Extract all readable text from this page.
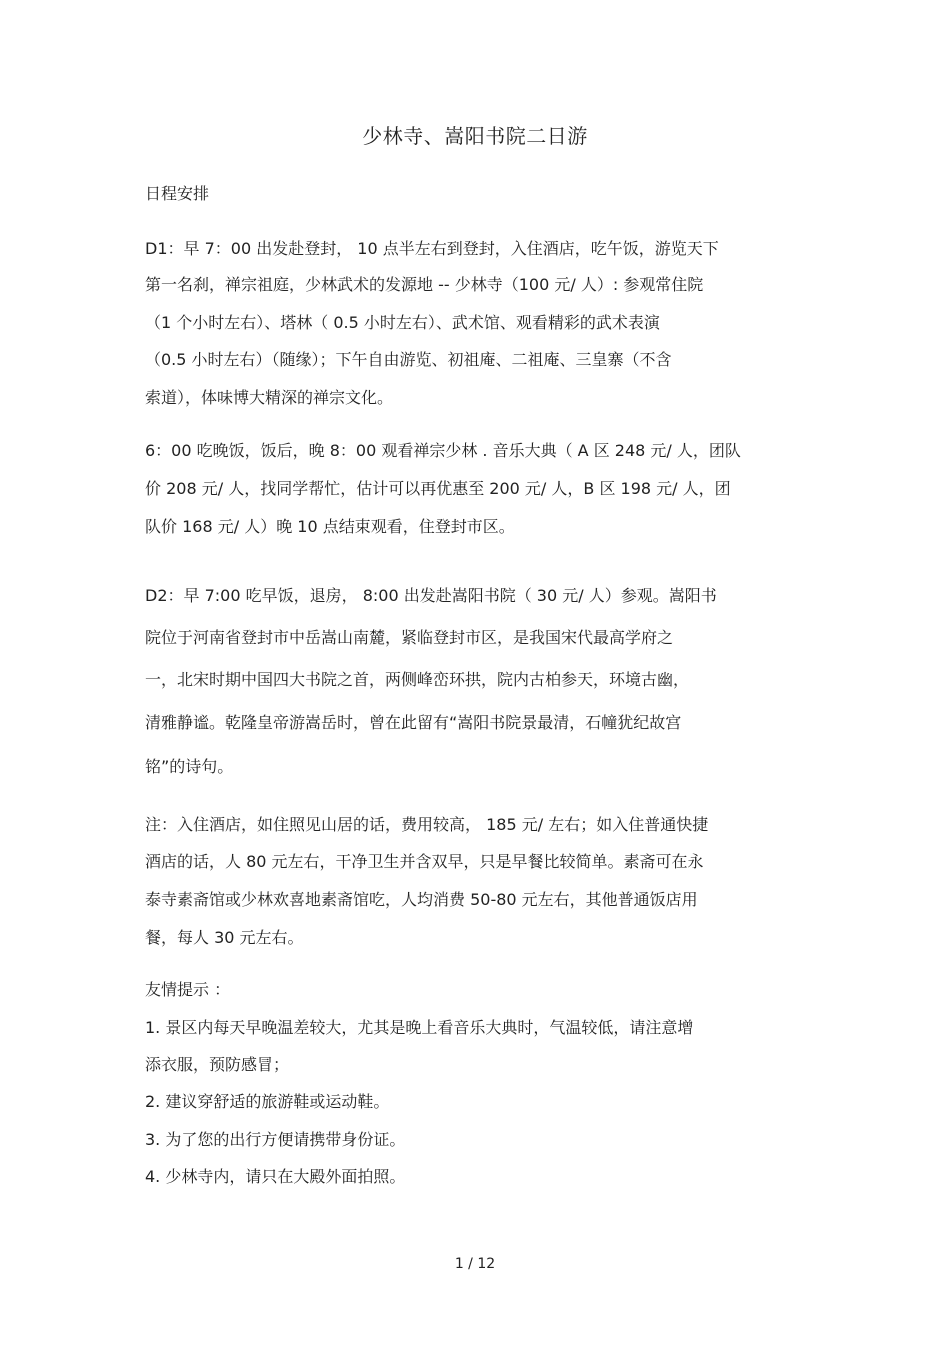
少林寺、嵩阳书院二日游
日程安排
D1：早 7：00 出发赴登封， 10 点半左右到登封，入住酒店，吃午饭，游览天下
第一名刹，禅宗祖庭，少林武术的发源地 -- 少林寺（100 元/ 人）: 参观常住院
（1 个小时左右）、塔林（ 0.5 小时左右）、武术馆、观看精彩的武术表演
（0.5 小时左右）（随缘）；下午自由游览、初祖庵、二祖庵、三皇寨（不含
索道），体味博大精深的禅宗文化。
6：00 吃晚饭，饭后，晚 8：00 观看禅宗少林 . 音乐大典（ A 区 248 元/ 人，团队
价 208 元/ 人，找同学帮忙，估计可以再优惠至 200 元/ 人，B 区 198 元/ 人，团
队价 168 元/ 人）晚 10 点结束观看，住登封市区。
D2：早 7:00 吃早饭，退房， 8:00 出发赴嵩阳书院（ 30 元/ 人）参观。嵩阳书
院位于河南省登封市中岳嵩山南麓，紧临登封市区，是我国宋代最高学府之
一，北宋时期中国四大书院之首，两侧峰峦环拱，院内古柏参天，环境古幽，
清雅静谧。乾隆皇帝游嵩岳时，曾在此留有“嵩阳书院景最清，石幢犹纪故宫
铭”的诗句。
注：入住酒店，如住照见山居的话，费用较高， 185 元/ 左右；如入住普通快捷
酒店的话，人 80 元左右，干净卫生并含双早，只是早餐比较简单。素斋可在永
泰寺素斋馆或少林欢喜地素斋馆吃，人均消费 50-80 元左右，其他普通饭店用
餐，每人 30 元左右。
友情提示 ：
1. 景区内每天早晚温差较大，尤其是晚上看音乐大典时，气温较低，请注意增
添衣服，预防感冒；
2. 建议穿舒适的旅游鞋或运动鞋。
3. 为了您的出行方便请携带身份证。
4. 少林寺内，请只在大殿外面拍照。
1 / 12
